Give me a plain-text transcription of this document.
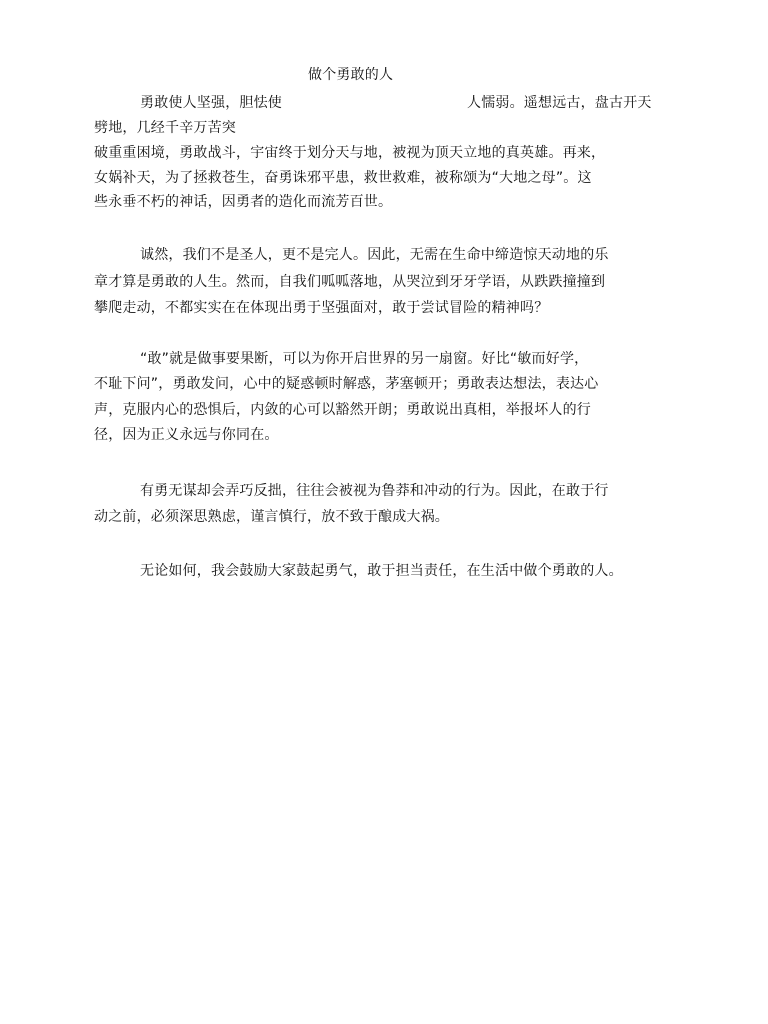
做个勇敢的人
勇敢使人坚强，胆怯使	人懦弱。遥想远古，盘古开天
劈地，几经千辛万苦突
破重重困境，勇敢战斗，宇宙终于划分天与地，被视为顶天立地的真英雄。再来，
女娲补天，为了拯救苍生，奋勇诛邪平患，救世救难，被称颂为“大地之母”。这
些永垂不朽的神话，因勇者的造化而流芳百世。
诚然，我们不是圣人，更不是完人。因此，无需在生命中缔造惊天动地的乐
章才算是勇敢的人生。然而，自我们呱呱落地，从哭泣到牙牙学语，从跌跌撞撞到
攀爬走动，不都实实在在体现出勇于坚强面对，敢于尝试冒险的精神吗？
“敢”就是做事要果断，可以为你开启世界的另一扇窗。好比“敏而好学，
不耻下问”，勇敢发问，心中的疑惑顿时解惑，茅塞顿开；勇敢表达想法，表达心
声，克服内心的恐惧后，内敛的心可以豁然开朗；勇敢说出真相，举报坏人的行
径，因为正义永远与你同在。
有勇无谋却会弄巧反拙，往往会被视为鲁莽和冲动的行为。因此，在敢于行
动之前，必须深思熟虑，谨言慎行，放不致于酿成大祸。
无论如何，我会鼓励大家鼓起勇气，敢于担当责任，在生活中做个勇敢的人。
